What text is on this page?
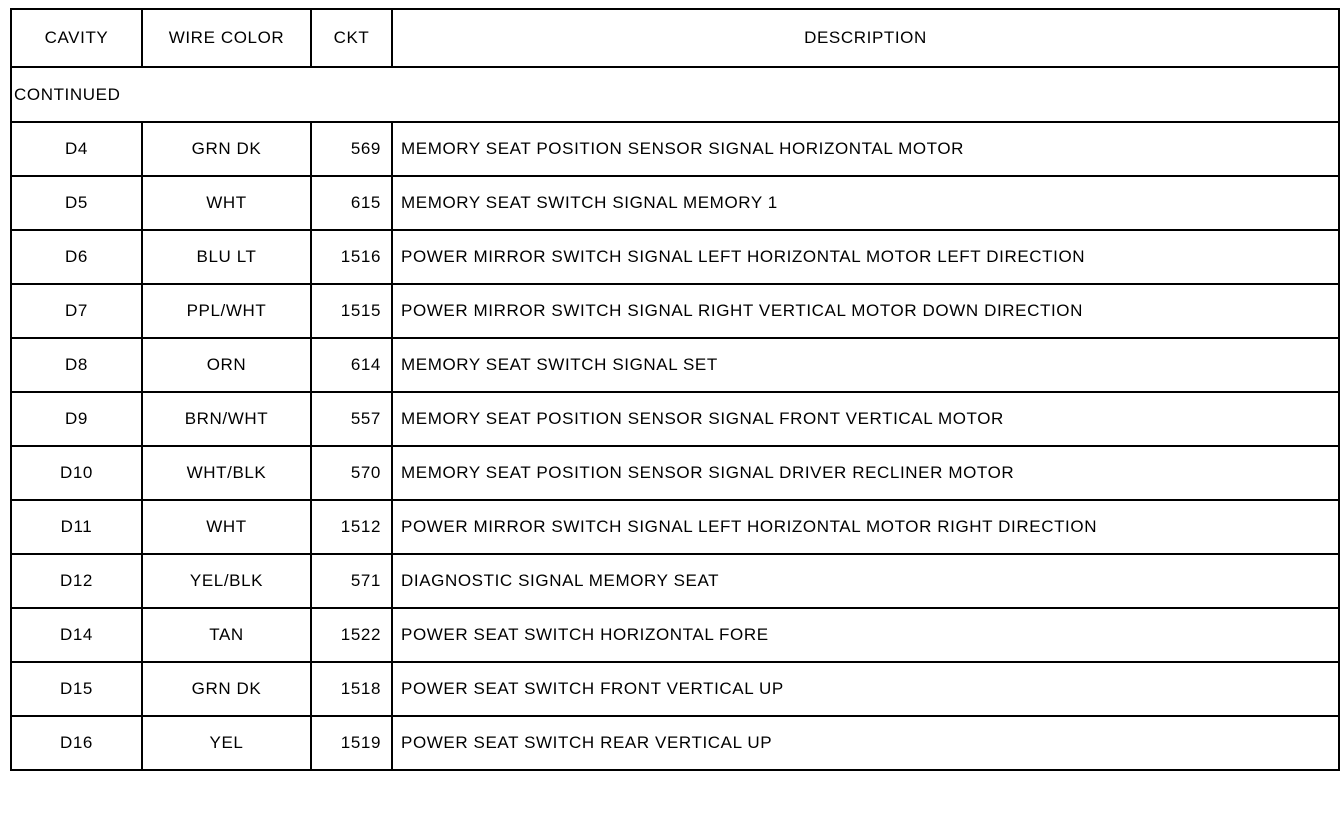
CAVITY	WIRE COLOR	CKT	DESCRIPTION
CONTINUED			
D4	GRN DK	569	MEMORY SEAT POSITION SENSOR SIGNAL HORIZONTAL MOTOR
D5	WHT	615	MEMORY SEAT SWITCH SIGNAL MEMORY 1
D6	BLU LT	1516	POWER MIRROR SWITCH SIGNAL LEFT HORIZONTAL MOTOR LEFT DIRECTION
D7	PPL/WHT	1515	POWER MIRROR SWITCH SIGNAL RIGHT VERTICAL MOTOR DOWN DIRECTION
D8	ORN	614	MEMORY SEAT SWITCH SIGNAL SET
D9	BRN/WHT	557	MEMORY SEAT POSITION SENSOR SIGNAL FRONT VERTICAL MOTOR
D10	WHT/BLK	570	MEMORY SEAT POSITION SENSOR SIGNAL DRIVER RECLINER MOTOR
D11	WHT	1512	POWER MIRROR SWITCH SIGNAL LEFT HORIZONTAL MOTOR RIGHT DIRECTION
D12	YEL/BLK	571	DIAGNOSTIC SIGNAL MEMORY SEAT
D14	TAN	1522	POWER SEAT SWITCH HORIZONTAL FORE
D15	GRN DK	1518	POWER SEAT SWITCH FRONT VERTICAL UP
D16	YEL	1519	POWER SEAT SWITCH REAR VERTICAL UP
